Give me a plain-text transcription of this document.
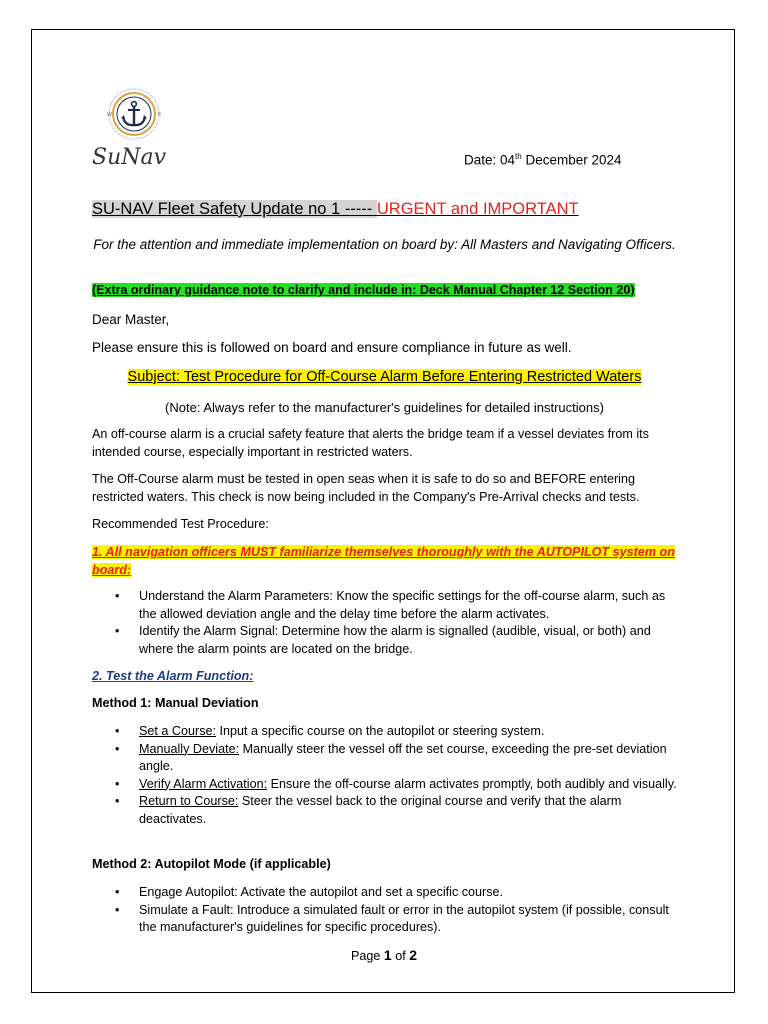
W	E
SuNav	Date: 04th December 2024
SU-NAV Fleet Safety Update no 1 ----- URGENT and IMPORTANT
For the attention and immediate implementation on board by: All Masters and Navigating Officers.
(Extra ordinary guidance note to clarify and include in: Deck Manual Chapter 12 Section 20)
Dear Master,
Please ensure this is followed on board and ensure compliance in future as well.
Subject: Test Procedure for Off-Course Alarm Before Entering Restricted Waters
(Note: Always refer to the manufacturer's guidelines for detailed instructions)
An off-course alarm is a crucial safety feature that alerts the bridge team if a vessel deviates from its intended course, especially important in restricted waters.
The Off-Course alarm must be tested in open seas when it is safe to do so and BEFORE entering restricted waters. This check is now being included in the Company's Pre-Arrival checks and tests.
Recommended Test Procedure:
1. All navigation officers MUST familiarize themselves thoroughly with the AUTOPILOT system on board:
• Understand the Alarm Parameters: Know the specific settings for the off-course alarm, such as the allowed deviation angle and the delay time before the alarm activates.
• Identify the Alarm Signal: Determine how the alarm is signalled (audible, visual, or both) and where the alarm points are located on the bridge.
2. Test the Alarm Function:
Method 1: Manual Deviation
• Set a Course: Input a specific course on the autopilot or steering system.
• Manually Deviate: Manually steer the vessel off the set course, exceeding the pre-set deviation angle.
• Verify Alarm Activation: Ensure the off-course alarm activates promptly, both audibly and visually.
• Return to Course: Steer the vessel back to the original course and verify that the alarm deactivates.
Method 2: Autopilot Mode (if applicable)
• Engage Autopilot: Activate the autopilot and set a specific course.
• Simulate a Fault: Introduce a simulated fault or error in the autopilot system (if possible, consult the manufacturer's guidelines for specific procedures).
Page 1 of 2
